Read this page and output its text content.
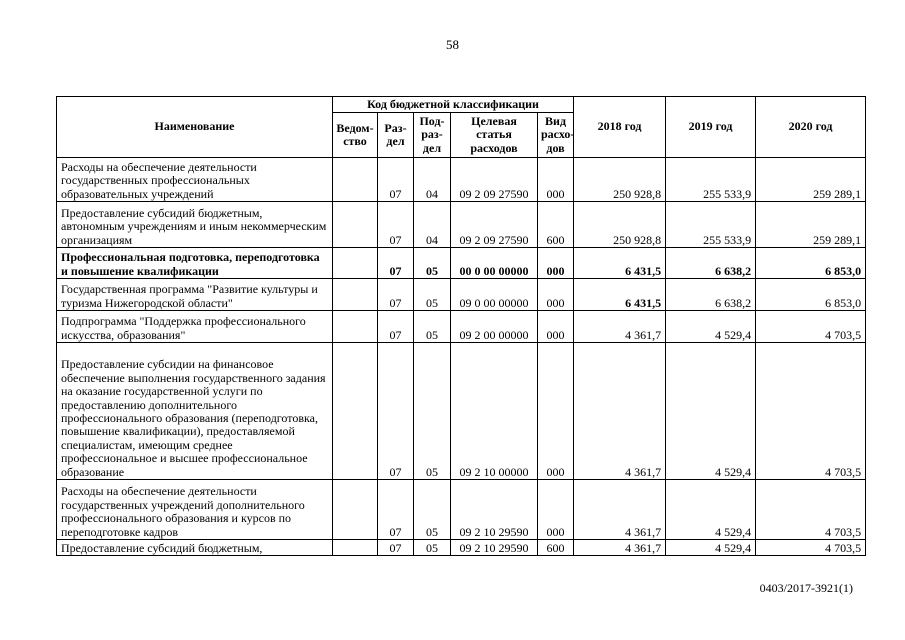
58
Наименование	Код бюджетной классификации					2018 год	2019 год	2020 год
	Ведом-ство	Раз-дел	Под-раз-дел	Целевая статья расходов	Вид расхо-дов			
Расходы на обеспечение деятельности государственных профессиональных образовательных учреждений		07	04	09 2 09 27590	000	250 928,8	255 533,9	259 289,1
Предоставление субсидий бюджетным, автономным учреждениям и иным некоммерческим организациям		07	04	09 2 09 27590	600	250 928,8	255 533,9	259 289,1
Профессиональная подготовка, переподготовка и повышение квалификации		07	05	00 0 00 00000	000	6 431,5	6 638,2	6 853,0
Государственная программа "Развитие культуры и туризма Нижегородской области"		07	05	09 0 00 00000	000	6 431,5	6 638,2	6 853,0
Подпрограмма "Поддержка профессионального искусства, образования"		07	05	09 2 00 00000	000	4 361,7	4 529,4	4 703,5
Предоставление субсидии на финансовое обеспечение выполнения государственного задания на оказание государственной услуги по предоставлению дополнительного профессионального образования (переподготовка, повышение квалификации), предоставляемой специалистам, имеющим среднее профессиональное и высшее профессиональное образование		07	05	09 2 10 00000	000	4 361,7	4 529,4	4 703,5
Расходы на обеспечение деятельности государственных учреждений дополнительного профессионального образования и курсов по переподготовке кадров		07	05	09 2 10 29590	000	4 361,7	4 529,4	4 703,5
Предоставление субсидий бюджетным,		07	05	09 2 10 29590	600	4 361,7	4 529,4	4 703,5
0403/2017-3921(1)
